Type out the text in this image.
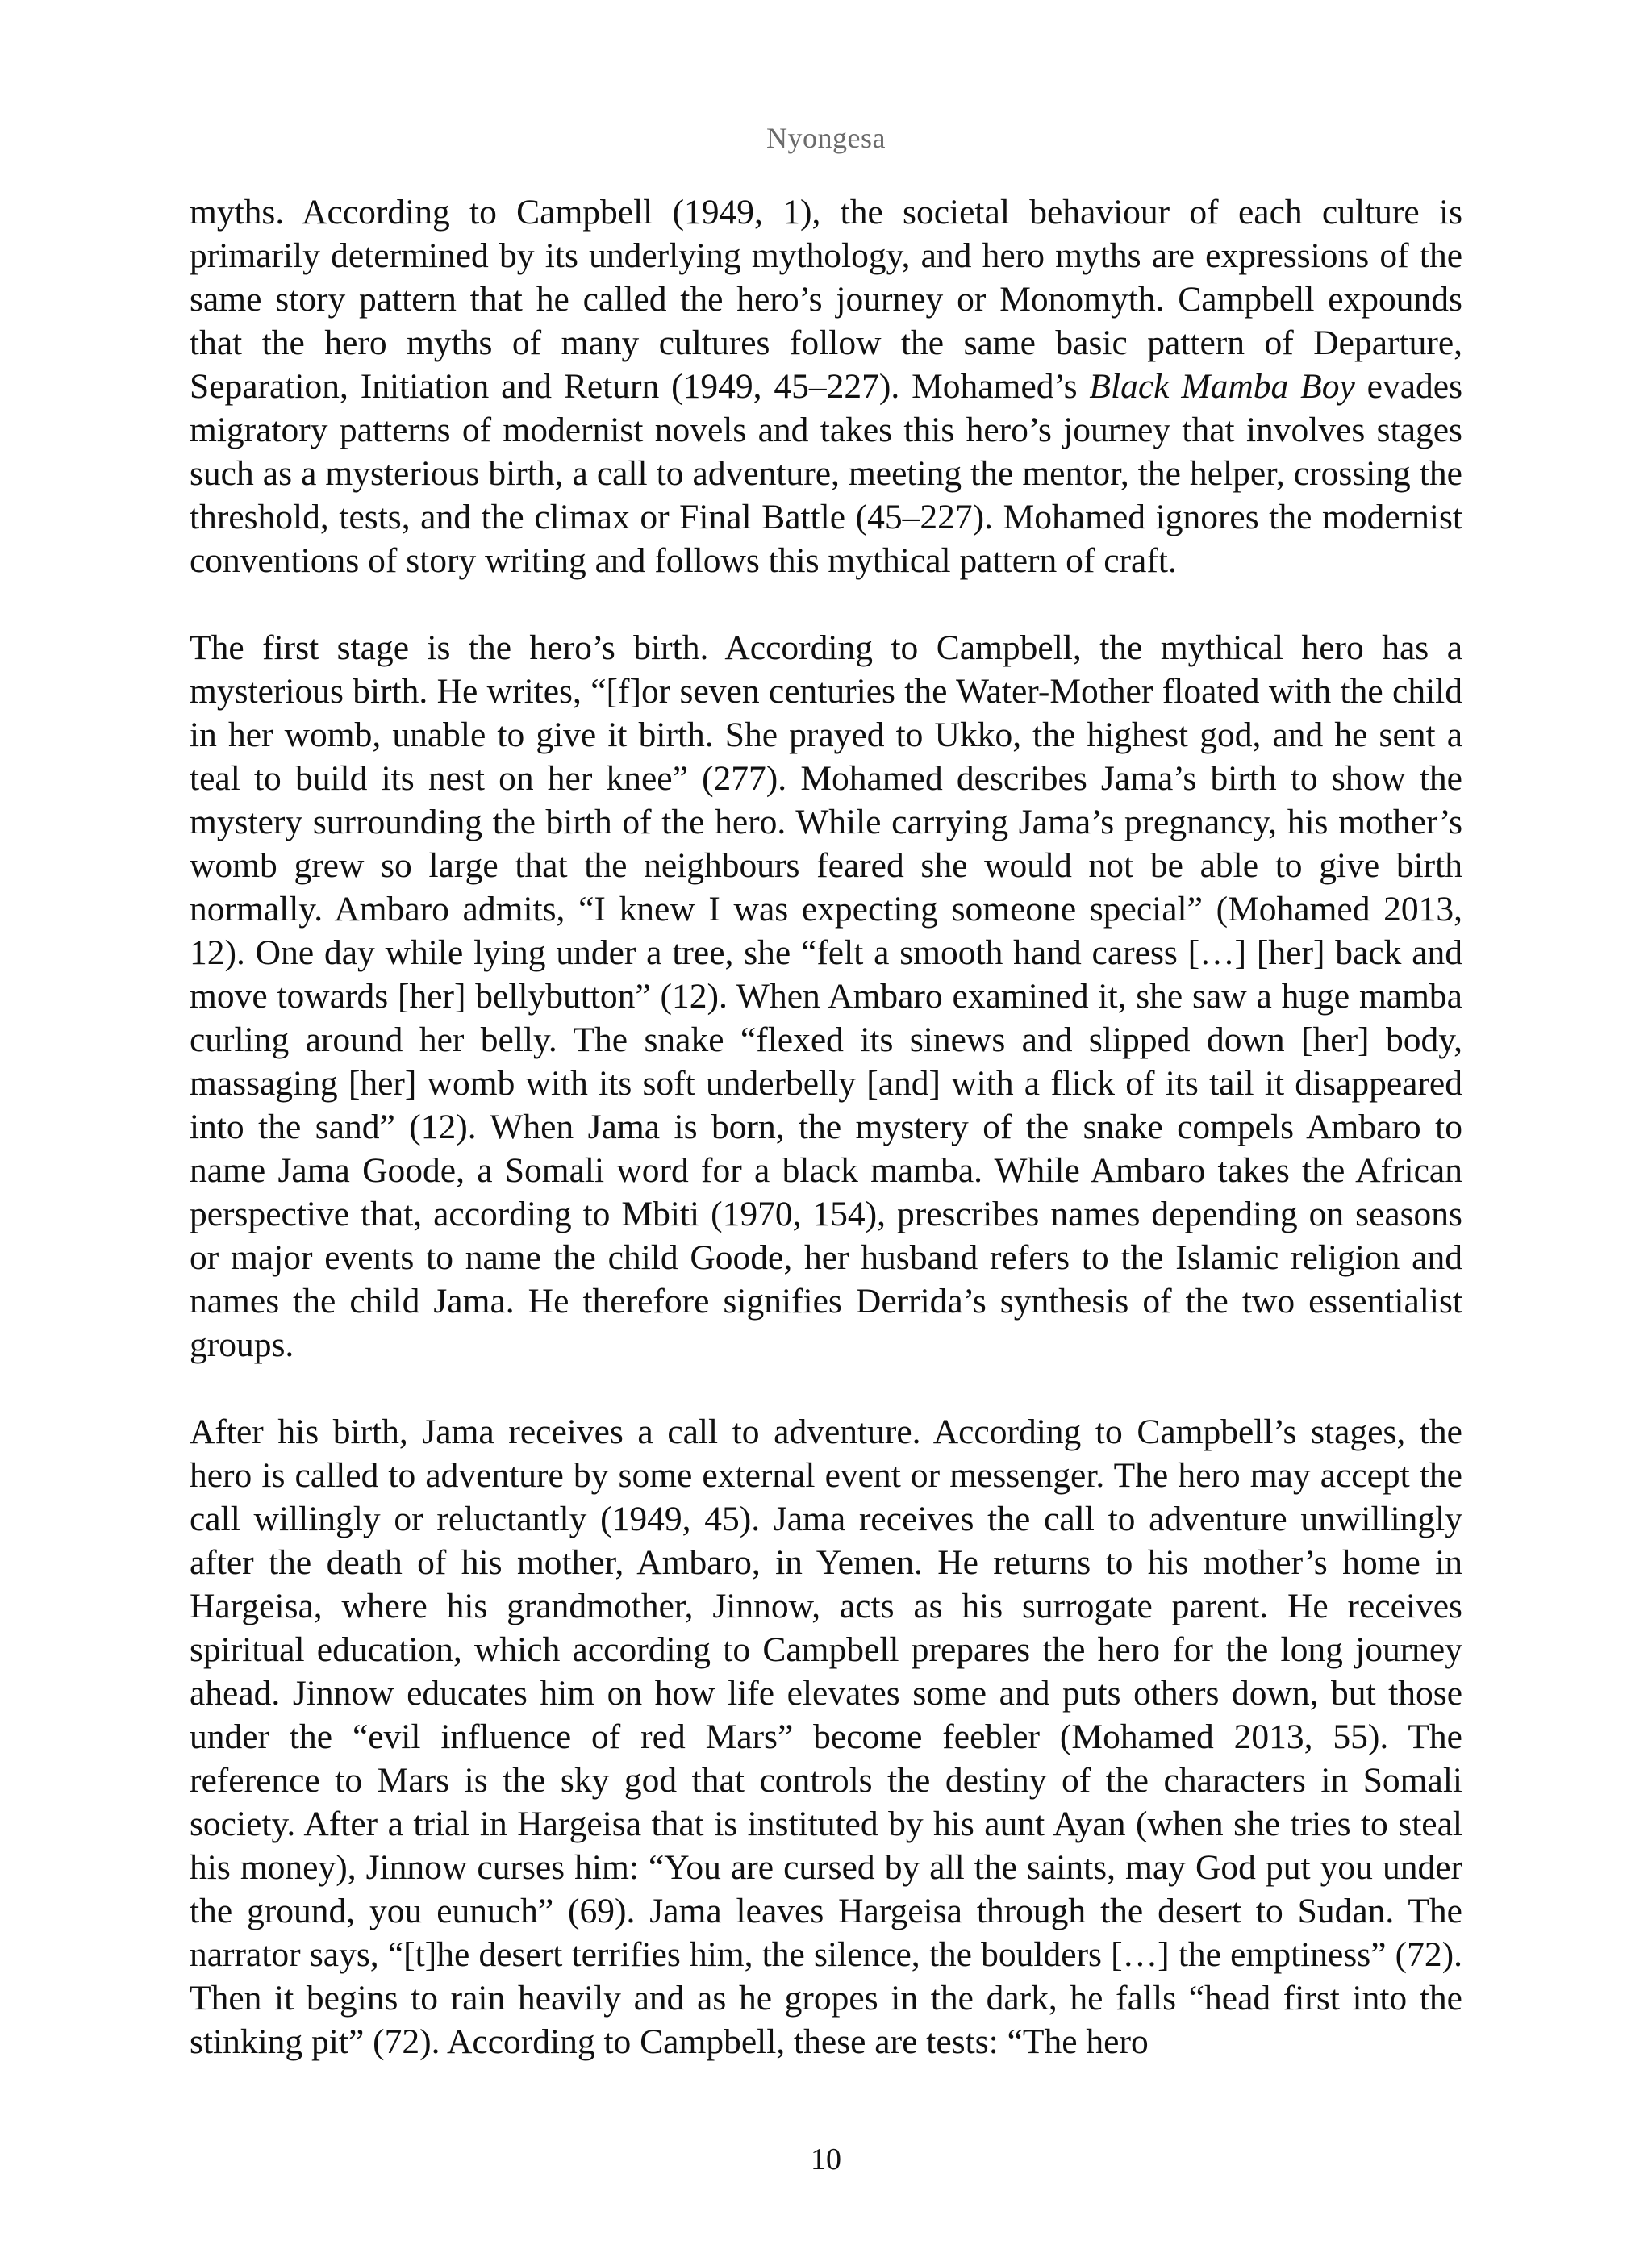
Nyongesa

myths. According to Campbell (1949, 1), the societal behaviour of each culture is primarily determined by its underlying mythology, and hero myths are expressions of the same story pattern that he called the hero’s journey or Monomyth. Campbell expounds that the hero myths of many cultures follow the same basic pattern of Departure, Separation, Initiation and Return (1949, 45–227). Mohamed’s Black Mamba Boy evades migratory patterns of modernist novels and takes this hero’s journey that involves stages such as a mysterious birth, a call to adventure, meeting the mentor, the helper, crossing the threshold, tests, and the climax or Final Battle (45–227). Mohamed ignores the modernist conventions of story writing and follows this mythical pattern of craft.

The first stage is the hero’s birth. According to Campbell, the mythical hero has a mysterious birth. He writes, “[f]or seven centuries the Water-Mother floated with the child in her womb, unable to give it birth. She prayed to Ukko, the highest god, and he sent a teal to build its nest on her knee” (277). Mohamed describes Jama’s birth to show the mystery surrounding the birth of the hero. While carrying Jama’s pregnancy, his mother’s womb grew so large that the neighbours feared she would not be able to give birth normally. Ambaro admits, “I knew I was expecting someone special” (Mohamed 2013, 12). One day while lying under a tree, she “felt a smooth hand caress […] [her] back and move towards [her] bellybutton” (12). When Ambaro examined it, she saw a huge mamba curling around her belly. The snake “flexed its sinews and slipped down [her] body, massaging [her] womb with its soft underbelly [and] with a flick of its tail it disappeared into the sand” (12). When Jama is born, the mystery of the snake compels Ambaro to name Jama Goode, a Somali word for a black mamba. While Ambaro takes the African perspective that, according to Mbiti (1970, 154), prescribes names depending on seasons or major events to name the child Goode, her husband refers to the Islamic religion and names the child Jama. He therefore signifies Derrida’s synthesis of the two essentialist groups.

After his birth, Jama receives a call to adventure. According to Campbell’s stages, the hero is called to adventure by some external event or messenger. The hero may accept the call willingly or reluctantly (1949, 45). Jama receives the call to adventure unwillingly after the death of his mother, Ambaro, in Yemen. He returns to his mother’s home in Hargeisa, where his grandmother, Jinnow, acts as his surrogate parent. He receives spiritual education, which according to Campbell prepares the hero for the long journey ahead. Jinnow educates him on how life elevates some and puts others down, but those under the “evil influence of red Mars” become feebler (Mohamed 2013, 55). The reference to Mars is the sky god that controls the destiny of the characters in Somali society. After a trial in Hargeisa that is instituted by his aunt Ayan (when she tries to steal his money), Jinnow curses him: “You are cursed by all the saints, may God put you under the ground, you eunuch” (69). Jama leaves Hargeisa through the desert to Sudan. The narrator says, “[t]he desert terrifies him, the silence, the boulders […] the emptiness” (72). Then it begins to rain heavily and as he gropes in the dark, he falls “head first into the stinking pit” (72). According to Campbell, these are tests: “The hero

10
